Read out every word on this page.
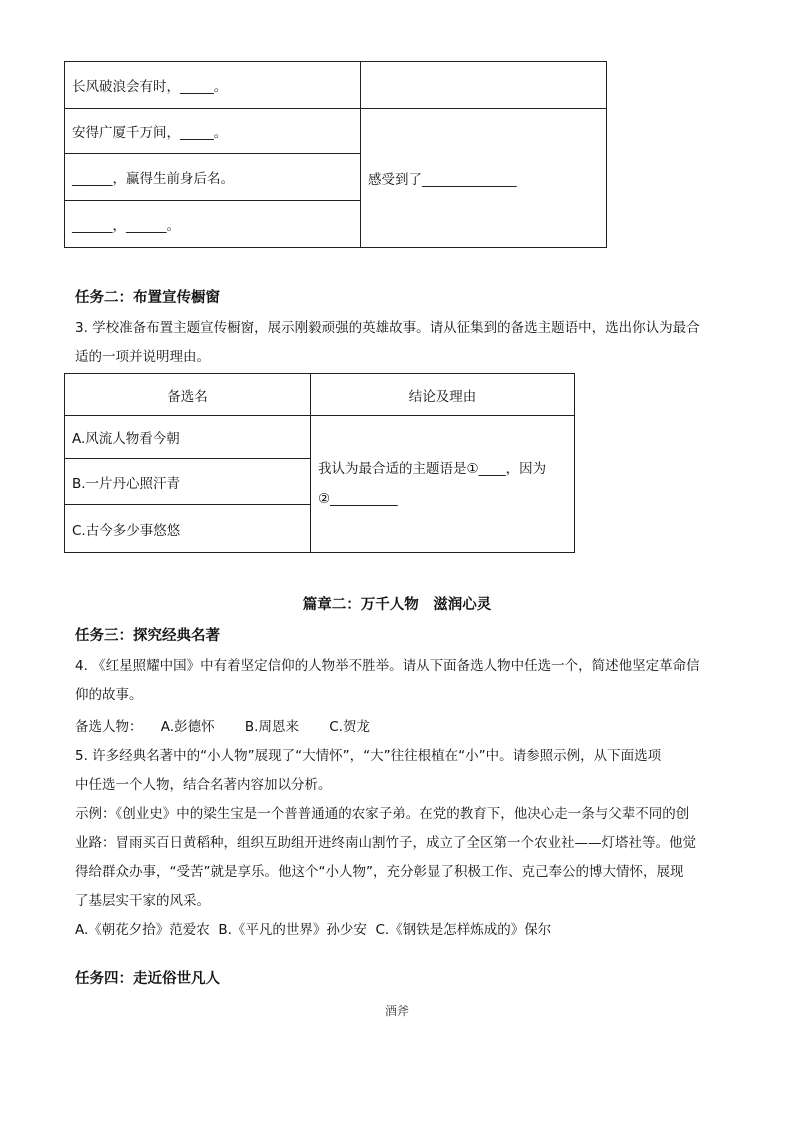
长风破浪会有时，_____。	
安得广厦千万间，_____。	感受到了______________
______，赢得生前身后名。	
______，______。	
任务二：布置宣传橱窗
3. 学校准备布置主题宣传橱窗，展示刚毅顽强的英雄故事。请从征集到的备选主题语中，选出你认为最合
适的一项并说明理由。
备选名	结论及理由
A.风流人物看今朝	我认为最合适的主题语是①____，因为
②__________

B.一片丹心照汗青	
C.古今多少事悠悠	
篇章二：万千人物　滋润心灵
任务三：探究经典名著
4. 《红星照耀中国》中有着坚定信仰的人物举不胜举。请从下面备选人物中任选一个，简述他坚定革命信
仰的故事。
备选人物： A.彭德怀 B.周恩来 C.贺龙
5. 许多经典名著中的“小人物”展现了“大情怀”，“大”往往根植在“小”中。请参照示例，从下面选项
中任选一个人物，结合名著内容加以分析。
示例：《创业史》中的梁生宝是一个普普通通的农家子弟。在党的教育下，他决心走一条与父辈不同的创
业路：冒雨买百日黄稻种，组织互助组开进终南山割竹子，成立了全区第一个农业社——灯塔社等。他觉
得给群众办事，“受苦”就是享乐。他这个“小人物”，充分彰显了积极工作、克己奉公的博大情怀，展现
了基层实干家的风采。
A.《朝花夕拾》范爱农  B.《平凡的世界》孙少安  C.《钢铁是怎样炼成的》保尔
任务四：走近俗世凡人
酒斧
